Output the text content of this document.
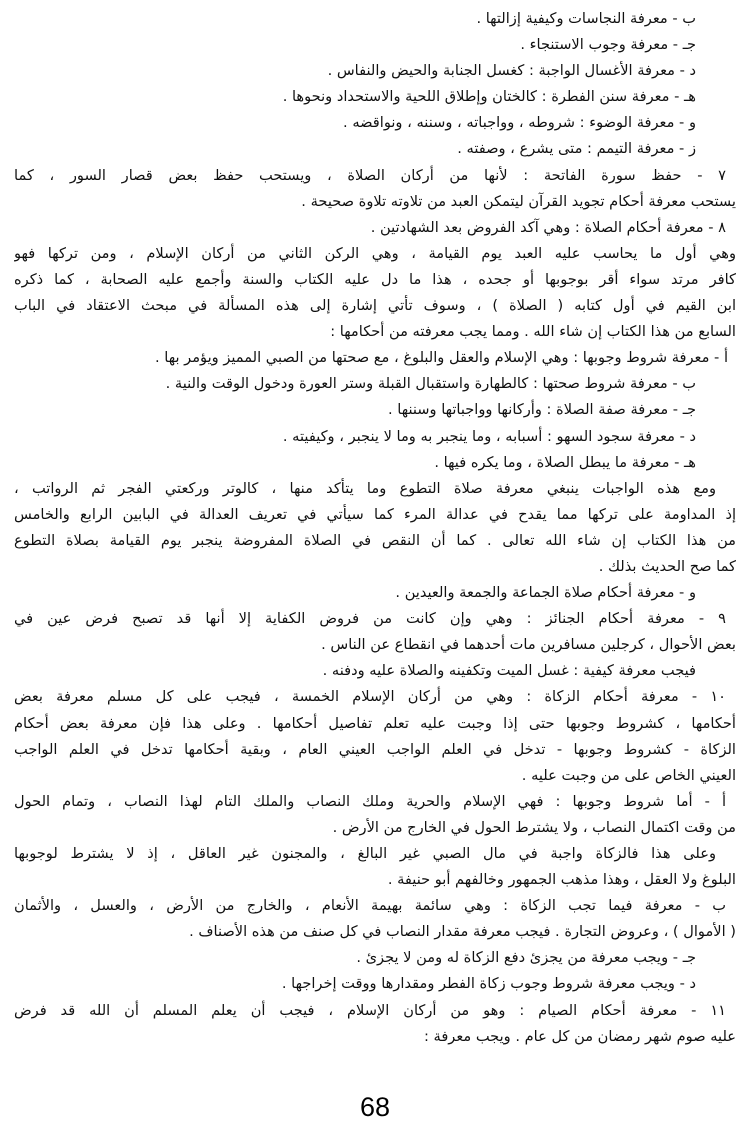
ب - معرفة النجاسات وكيفية إزالتها .
جـ - معرفة وجوب الاستنجاء .
د - معرفة الأغسال الواجبة : كغسل الجنابة والحيض والنفاس .
هـ - معرفة سنن الفطرة : كالختان وإطلاق اللحية والاستحداد ونحوها .
و - معرفة الوضوء : شروطه ، وواجباته ، وسننه ، ونواقضه .
ز - معرفة التيمم : متى يشرع ، وصفته .
٧ - حفظ سورة الفاتحة : لأنها من أركان الصلاة ، ويستحب حفظ بعض قصار السور ، كما
يستحب معرفة أحكام تجويد القرآن ليتمكن العبد من تلاوته تلاوة صحيحة .
٨ - معرفة أحكام الصلاة : وهي آكد الفروض بعد الشهادتين .
وهي أول ما يحاسب عليه العبد يوم القيامة ، وهي الركن الثاني من أركان الإسلام ، ومن تركها فهو
كافر مرتد سواء أقر بوجوبها أو جحده ، هذا ما دل عليه الكتاب والسنة وأجمع عليه الصحابة ، كما ذكره
ابن القيم في أول كتابه ( الصلاة ) ، وسوف تأتي إشارة إلى هذه المسألة في مبحث الاعتقاد في الباب
السابع من هذا الكتاب إن شاء الله . ومما يجب معرفته من أحكامها :
أ - معرفة شروط وجوبها : وهي الإسلام والعقل والبلوغ ، مع صحتها من الصبي المميز ويؤمر بها .
ب - معرفة شروط صحتها : كالطهارة واستقبال القبلة وستر العورة ودخول الوقت والنية .
جـ - معرفة صفة الصلاة : وأركانها وواجباتها وسننها .
د - معرفة سجود السهو : أسبابه ، وما ينجبر به وما لا ينجبر ، وكيفيته .
هـ - معرفة ما يبطل الصلاة ، وما يكره فيها .
ومع هذه الواجبات ينبغي معرفة صلاة التطوع وما يتأكد منها ، كالوتر وركعتي الفجر ثم الرواتب ،
إذ المداومة على تركها مما يقدح في عدالة المرء كما سيأتي في تعريف العدالة في البابين الرابع والخامس
من هذا الكتاب إن شاء الله تعالى . كما أن النقص في الصلاة المفروضة ينجبر يوم القيامة بصلاة التطوع
كما صح الحديث بذلك .
و - معرفة أحكام صلاة الجماعة والجمعة والعيدين .
٩ - معرفة أحكام الجنائز : وهي وإن كانت من فروض الكفاية إلا أنها قد تصبح فرض عين في
بعض الأحوال ، كرجلين مسافرين مات أحدهما في انقطاع عن الناس .
فيجب معرفة كيفية : غسل الميت وتكفينه والصلاة عليه ودفنه .
١٠ - معرفة أحكام الزكاة : وهي من أركان الإسلام الخمسة ، فيجب على كل مسلم معرفة بعض
أحكامها ، كشروط وجوبها حتى إذا وجبت عليه تعلم تفاصيل أحكامها . وعلى هذا فإن معرفة بعض أحكام
الزكاة - كشروط وجوبها - تدخل في العلم الواجب العيني العام ، وبقية أحكامها تدخل في العلم الواجب
العيني الخاص على من وجبت عليه .
أ - أما شروط وجوبها : فهي الإسلام والحرية وملك النصاب والملك التام لهذا النصاب ، وتمام الحول
من وقت اكتمال النصاب ، ولا يشترط الحول في الخارج من الأرض .
وعلى هذا فالزكاة واجبة في مال الصبي غير البالغ ، والمجنون غير العاقل ، إذ لا يشترط لوجوبها
البلوغ ولا العقل ، وهذا مذهب الجمهور وخالفهم أبو حنيفة .
ب - معرفة فيما تجب الزكاة : وهي سائمة بهيمة الأنعام ، والخارج من الأرض ، والعسل ، والأثمان
( الأموال ) ، وعروض التجارة . فيجب معرفة مقدار النصاب في كل صنف من هذه الأصناف .
جـ - ويجب معرفة من يجزئ دفع الزكاة له ومن لا يجزئ .
د - ويجب معرفة شروط وجوب زكاة الفطر ومقدارها ووقت إخراجها .
١١ - معرفة أحكام الصيام : وهو من أركان الإسلام ، فيجب أن يعلم المسلم أن الله قد فرض
عليه صوم شهر رمضان من كل عام . ويجب معرفة :
68
